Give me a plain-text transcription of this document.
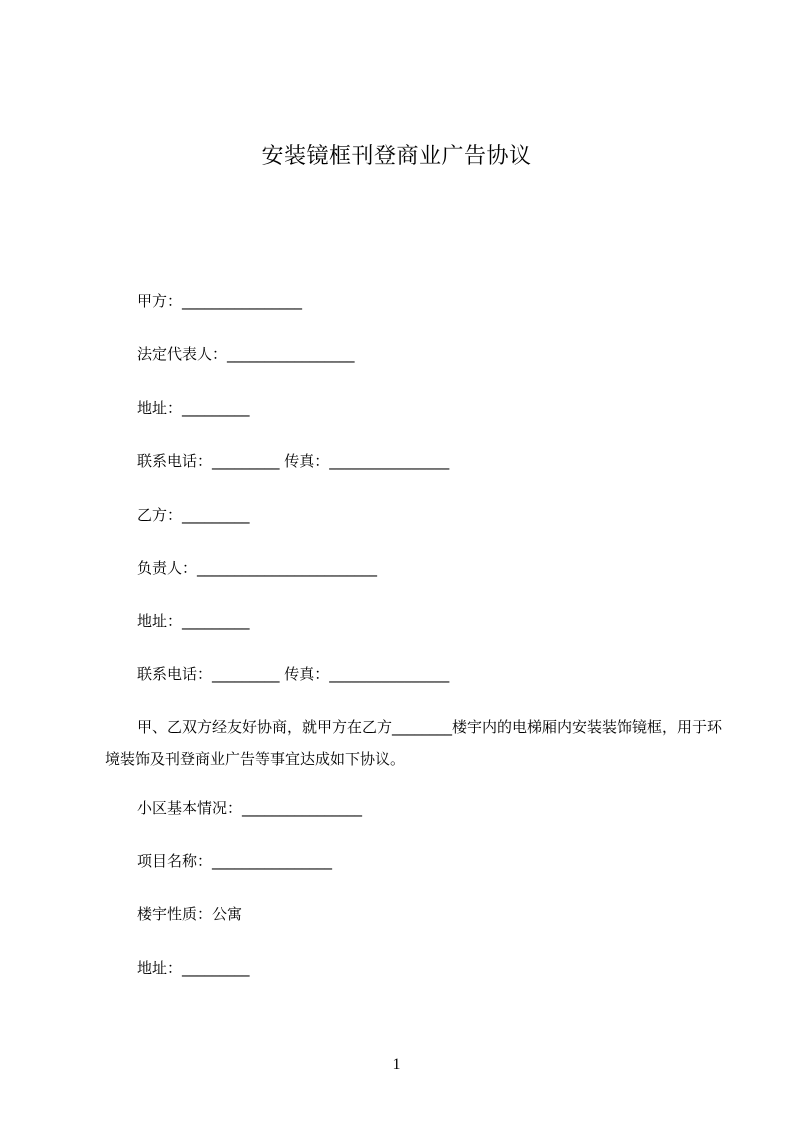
安装镜框刊登商业广告协议
甲方：________________
法定代表人：_________________
地址：_________
联系电话：_________ 传真：________________
乙方：_________
负责人：________________________
地址：_________
联系电话：_________ 传真：________________
甲、乙双方经友好协商，就甲方在乙方________楼宇内的电梯厢内安装装饰镜框，用于环境装饰及刊登商业广告等事宜达成如下协议。
小区基本情况：________________
项目名称：________________
楼宇性质：公寓
地址：_________
1
